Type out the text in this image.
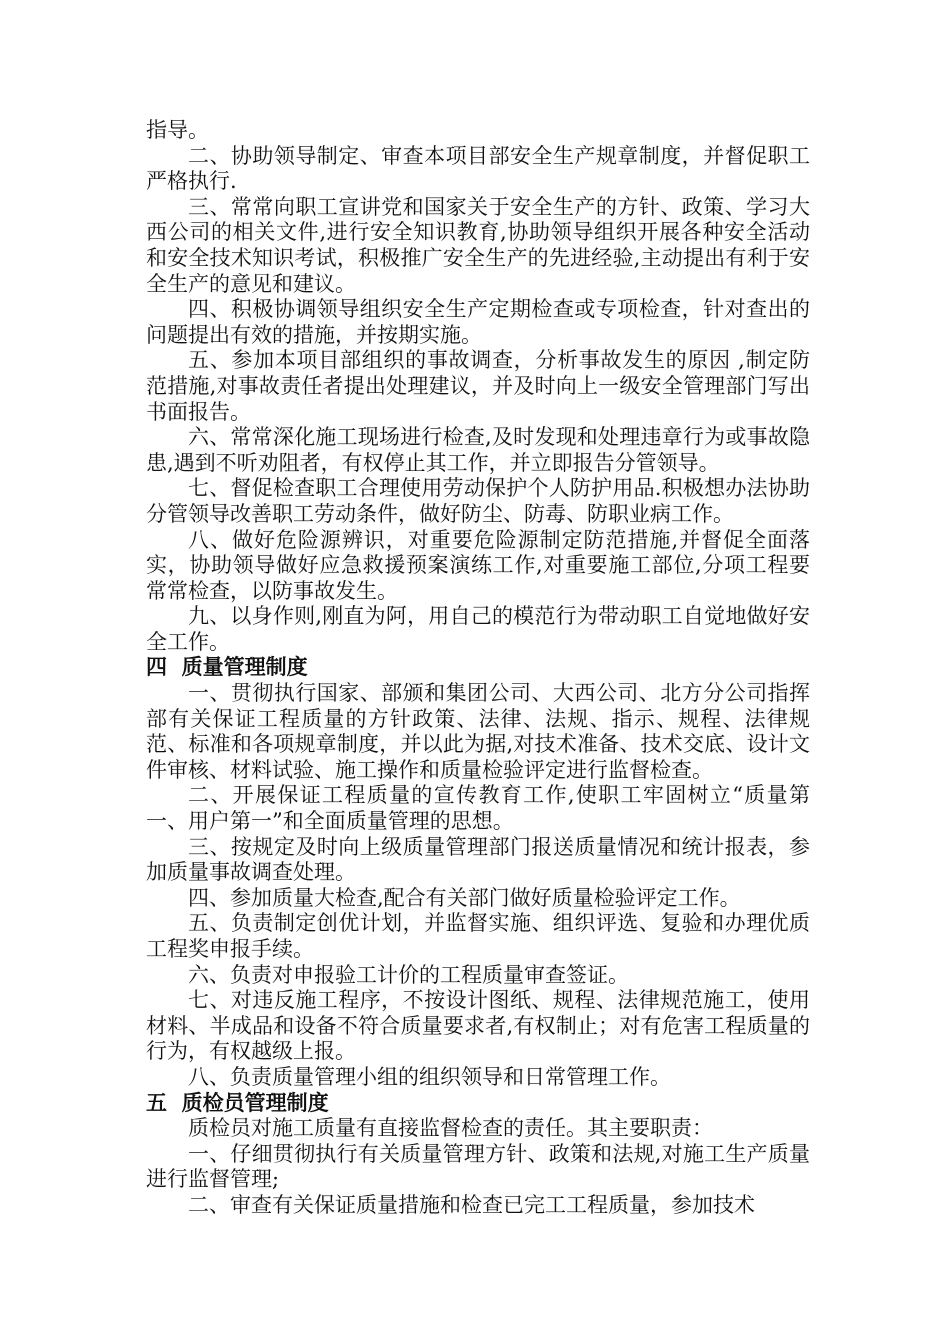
指导。

二、协助领导制定、审查本项目部安全生产规章制度，并督促职工严格执行.

三、常常向职工宣讲党和国家关于安全生产的方针、政策、学习大西公司的相关文件,进行安全知识教育,协助领导组织开展各种安全活动和安全技术知识考试，积极推广安全生产的先进经验,主动提出有利于安全生产的意见和建议。

四、积极协调领导组织安全生产定期检查或专项检查，针对查出的问题提出有效的措施，并按期实施。

五、参加本项目部组织的事故调查，分析事故发生的原因 ,制定防范措施,对事故责任者提出处理建议，并及时向上一级安全管理部门写出书面报告。

六、常常深化施工现场进行检查,及时发现和处理违章行为或事故隐患,遇到不听劝阻者，有权停止其工作，并立即报告分管领导。

七、督促检查职工合理使用劳动保护个人防护用品.积极想办法协助分管领导改善职工劳动条件，做好防尘、防毒、防职业病工作。

八、做好危险源辨识，对重要危险源制定防范措施,并督促全面落实，协助领导做好应急救援预案演练工作,对重要施工部位,分项工程要常常检查，以防事故发生。

九、以身作则,刚直为阿，用自己的模范行为带动职工自觉地做好安全工作。

四  质量管理制度

一、贯彻执行国家、部颁和集团公司、大西公司、北方分公司指挥部有关保证工程质量的方针政策、法律、法规、指示、规程、法律规范、标准和各项规章制度，并以此为据,对技术准备、技术交底、设计文件审核、材料试验、施工操作和质量检验评定进行监督检查。

二、开展保证工程质量的宣传教育工作,使职工牢固树立“质量第一、用户第一”和全面质量管理的思想。

三、按规定及时向上级质量管理部门报送质量情况和统计报表，参加质量事故调查处理。

四、参加质量大检查,配合有关部门做好质量检验评定工作。

五、负责制定创优计划，并监督实施、组织评选、复验和办理优质工程奖申报手续。

六、负责对申报验工计价的工程质量审查签证。

七、对违反施工程序，不按设计图纸、规程、法律规范施工，使用材料、半成品和设备不符合质量要求者,有权制止；对有危害工程质量的行为，有权越级上报。

八、负责质量管理小组的组织领导和日常管理工作。

五  质检员管理制度

质检员对施工质量有直接监督检查的责任。其主要职责：

一、仔细贯彻执行有关质量管理方针、政策和法规,对施工生产质量进行监督管理;

二、审查有关保证质量措施和检查已完工工程质量，参加技术
